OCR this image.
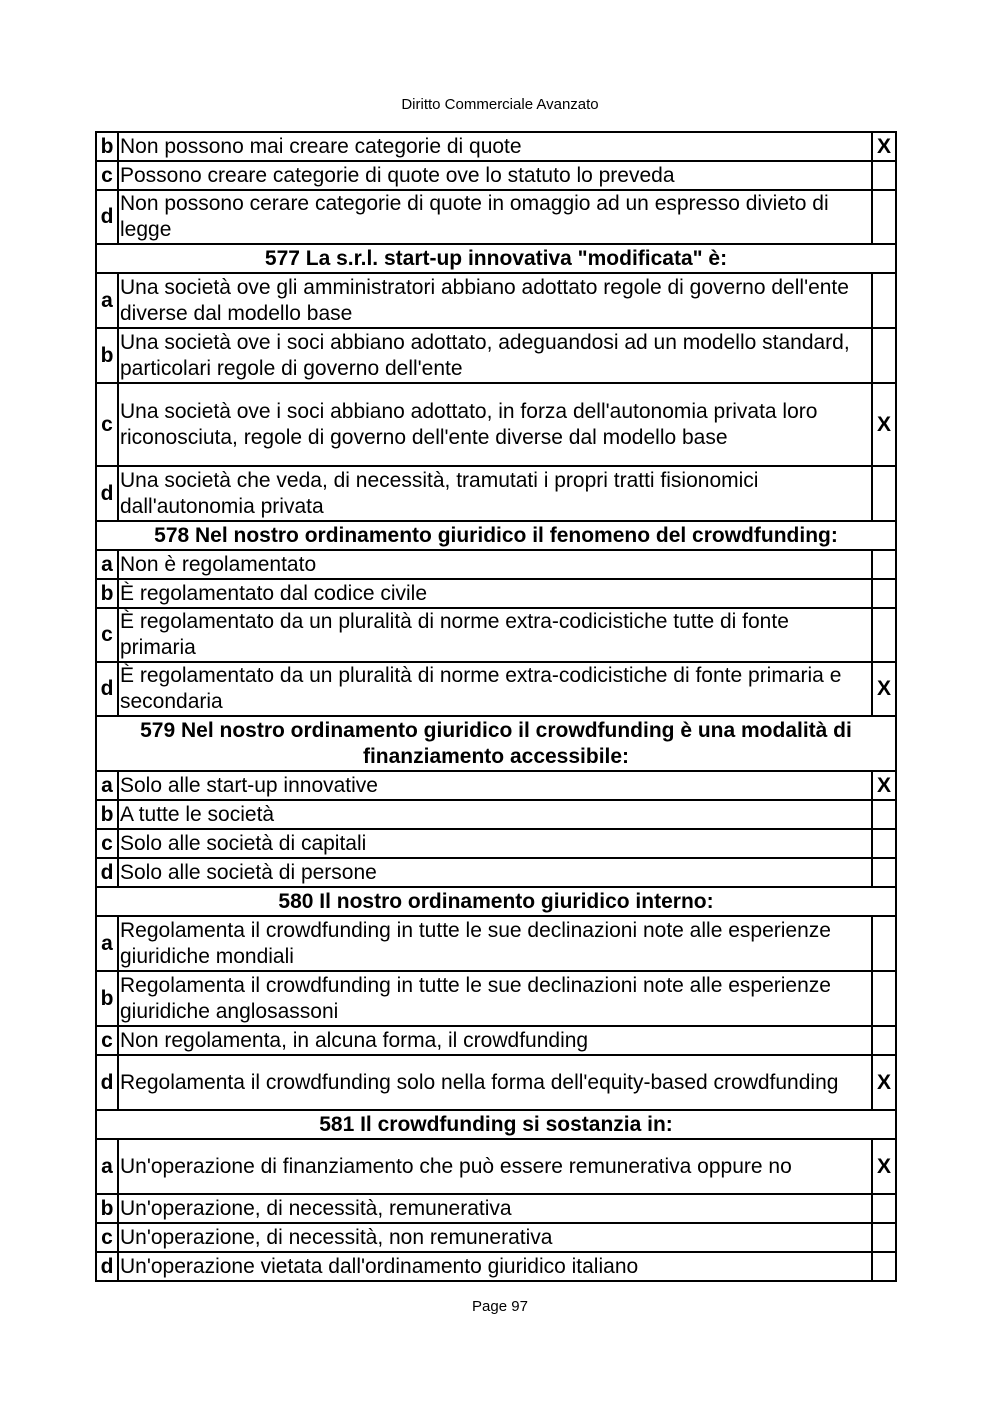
Diritto Commerciale Avanzato
b	Non possono mai creare categorie di quote	X
c	Possono creare categorie di quote ove lo statuto lo preveda	
d	Non possono cerare categorie di quote in omaggio ad un espresso divieto di legge	
577 La s.r.l. start-up innovativa "modificata" è:		
a	Una società ove gli amministratori abbiano adottato regole di governo dell'ente diverse dal modello base	
b	Una società ove i soci abbiano adottato, adeguandosi ad un modello standard, particolari regole di governo dell'ente	
c	Una società ove i soci abbiano adottato, in forza dell'autonomia privata loro riconosciuta, regole di governo dell'ente diverse dal modello base	X
d	Una società che veda, di necessità, tramutati i propri tratti fisionomici dall'autonomia privata	
578 Nel nostro ordinamento giuridico il fenomeno del crowdfunding:		
a	Non è regolamentato	
b	È regolamentato dal codice civile	
c	È regolamentato da un pluralità di norme extra-codicistiche tutte di fonte primaria	
d	È regolamentato da un pluralità di norme extra-codicistiche di fonte primaria e secondaria	X
579 Nel nostro ordinamento giuridico il crowdfunding è una modalità di finanziamento accessibile:		
a	Solo alle start-up innovative	X
b	A tutte le società	
c	Solo alle società di capitali	
d	Solo alle società di persone	
580 Il nostro ordinamento giuridico interno:		
a	Regolamenta il crowdfunding in tutte le sue declinazioni note alle esperienze giuridiche mondiali	
b	Regolamenta il crowdfunding in tutte le sue declinazioni note alle esperienze giuridiche anglosassoni	
c	Non regolamenta, in alcuna forma, il crowdfunding	
d	Regolamenta il crowdfunding solo nella forma dell'equity-based crowdfunding	X
581 Il crowdfunding si sostanzia in:		
a	Un'operazione di finanziamento che può essere remunerativa oppure no	X
b	Un'operazione, di necessità, remunerativa	
c	Un'operazione, di necessità, non remunerativa	
d	Un'operazione vietata dall'ordinamento giuridico italiano	
Page 97
